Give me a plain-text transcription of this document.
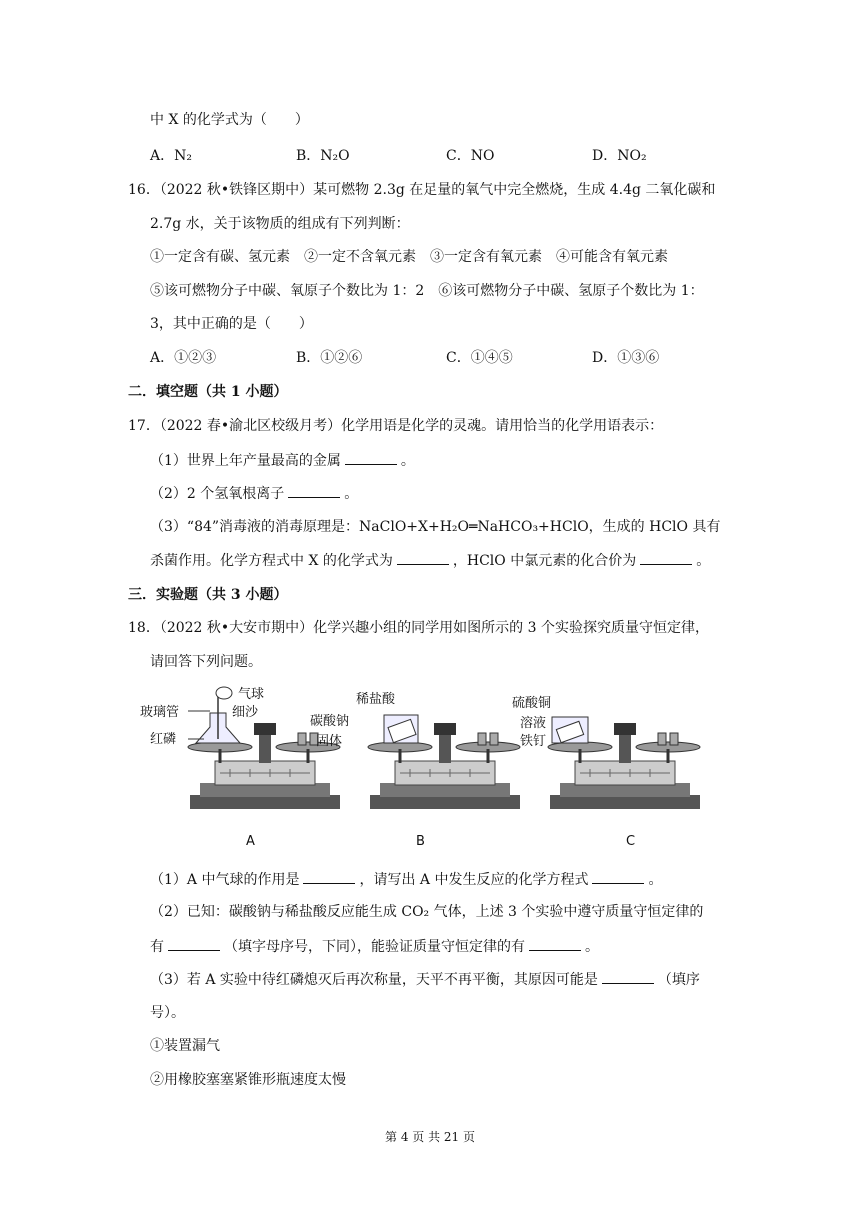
中 X 的化学式为（　　）
A．N₂	B．N₂O	C．NO	D．NO₂
16．（2022 秋•铁锋区期中）某可燃物 2.3g 在足量的氧气中完全燃烧，生成 4.4g 二氧化碳和
2.7g 水，关于该物质的组成有下列判断：
①一定含有碳、氢元素　②一定不含氧元素　③一定含有氧元素　④可能含有氧元素
⑤该可燃物分子中碳、氧原子个数比为 1：2　⑥该可燃物分子中碳、氢原子个数比为 1：
3，其中正确的是（　　）
A．①②③	B．①②⑥	C．①④⑤	D．①③⑥
二．填空题（共 1 小题）
17．（2022 春•渝北区校级月考）化学用语是化学的灵魂。请用恰当的化学用语表示：
（1）世界上年产量最高的金属	。
（2）2 个氢氧根离子	。
（3）“84”消毒液的消毒原理是：NaClO+X+H₂O═NaHCO₃+HClO，生成的 HClO 具有
杀菌作用。化学方程式中 X 的化学式为	，HClO 中氯元素的化合价为	。
三．实验题（共 3 小题）
18．（2022 秋•大安市期中）化学兴趣小组的同学用如图所示的 3 个实验探究质量守恒定律，
请回答下列问题。
气球
玻璃管	细沙
红磷
A
稀盐酸
碳酸钠
固体
B
硫酸铜
溶液
铁钉
C
（1）A 中气球的作用是	，请写出 A 中发生反应的化学方程式	。
（2）已知：碳酸钠与稀盐酸反应能生成 CO₂ 气体，上述 3 个实验中遵守质量守恒定律的
有	（填字母序号，下同），能验证质量守恒定律的有	。
（3）若 A 实验中待红磷熄灭后再次称量，天平不再平衡，其原因可能是	（填序
号）。
①装置漏气
②用橡胶塞塞紧锥形瓶速度太慢
第 4 页 共 21 页
